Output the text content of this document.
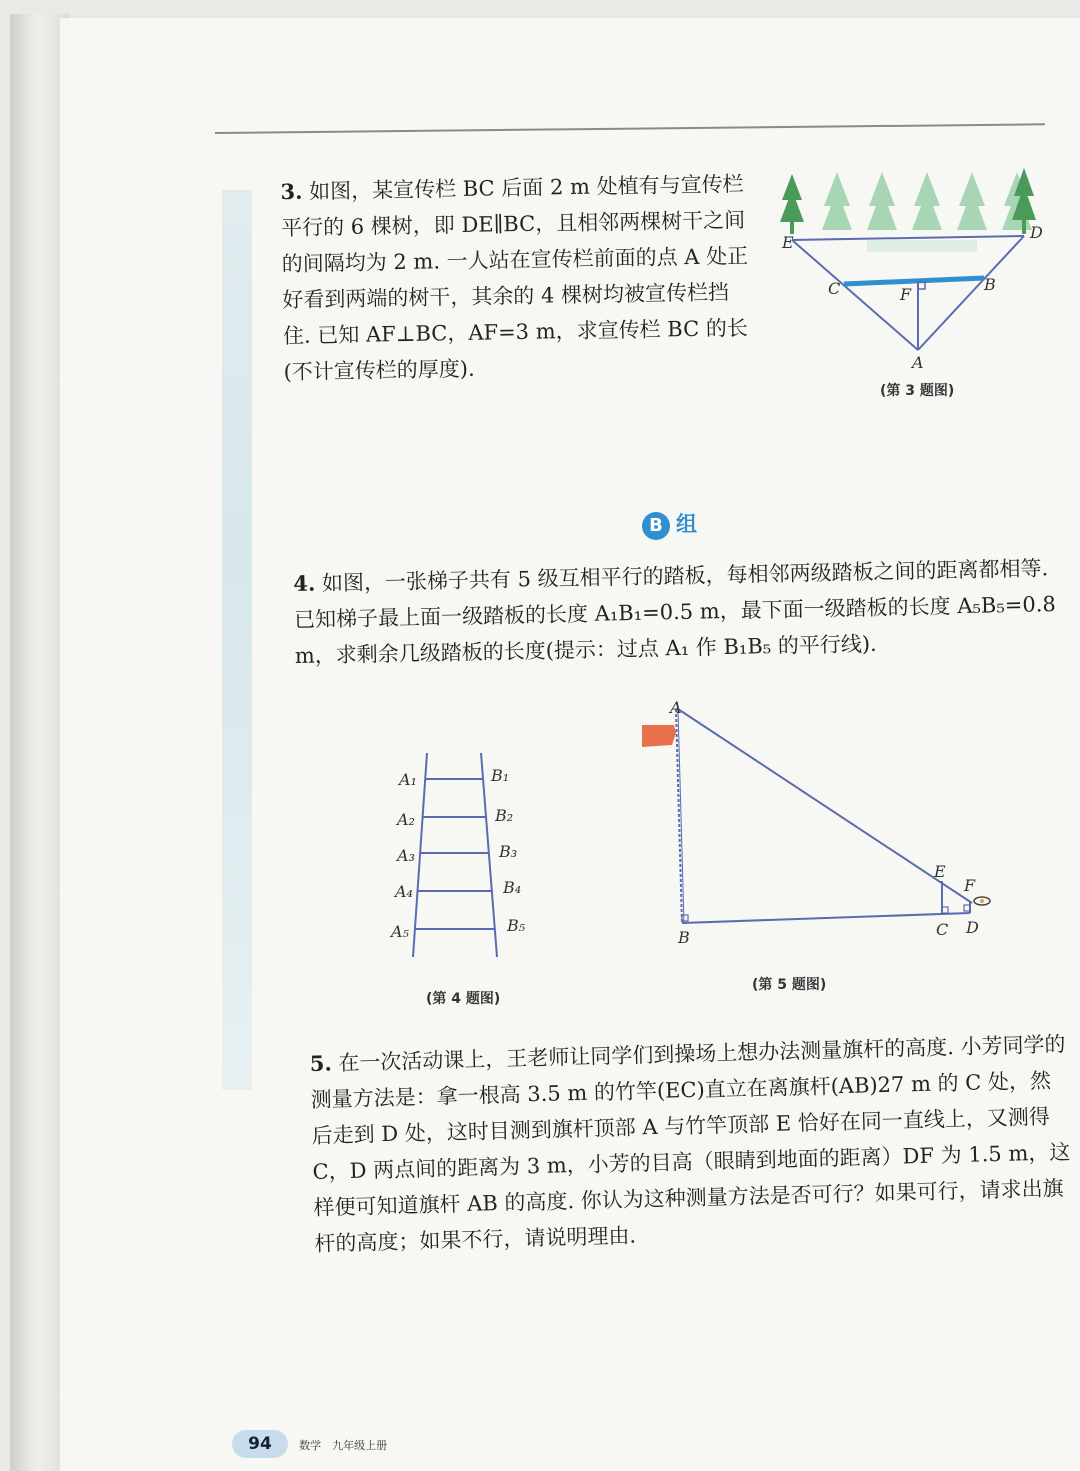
3. 如图，某宣传栏 BC 后面 2 m 处植有与宣传栏平行的 6 棵树，即 DE∥BC，且相邻两棵树干之间的间隔均为 2 m. 一人站在宣传栏前面的点 A 处正好看到两端的树干，其余的 4 棵树均被宣传栏挡住. 已知 AF⊥BC，AF=3 m，求宣传栏 BC 的长(不计宣传栏的厚度).
E
D
C	F
B
A
(第 3 题图)
B 组
4. 如图，一张梯子共有 5 级互相平行的踏板，每相邻两级踏板之间的距离都相等. 已知梯子最上面一级踏板的长度 A₁B₁=0.5 m，最下面一级踏板的长度 A₅B₅=0.8 m，求剩余几级踏板的长度(提示：过点 A₁ 作 B₁B₅ 的平行线).
A₁
A₂
A₃
A₄
A₅
B₁
B₂
B₃
B₄
B₅
(第 4 题图)
A
B
E
F
C D
(第 5 题图)
5. 在一次活动课上，王老师让同学们到操场上想办法测量旗杆的高度. 小芳同学的测量方法是：拿一根高 3.5 m 的竹竿(EC)直立在离旗杆(AB)27 m 的 C 处，然后走到 D 处，这时目测到旗杆顶部 A 与竹竿顶部 E 恰好在同一直线上，又测得 C，D 两点间的距离为 3 m，小芳的目高（眼睛到地面的距离）DF 为 1.5 m，这样便可知道旗杆 AB 的高度. 你认为这种测量方法是否可行？如果可行，请求出旗杆的高度；如果不行，请说明理由.
94 数学　九年级上册
